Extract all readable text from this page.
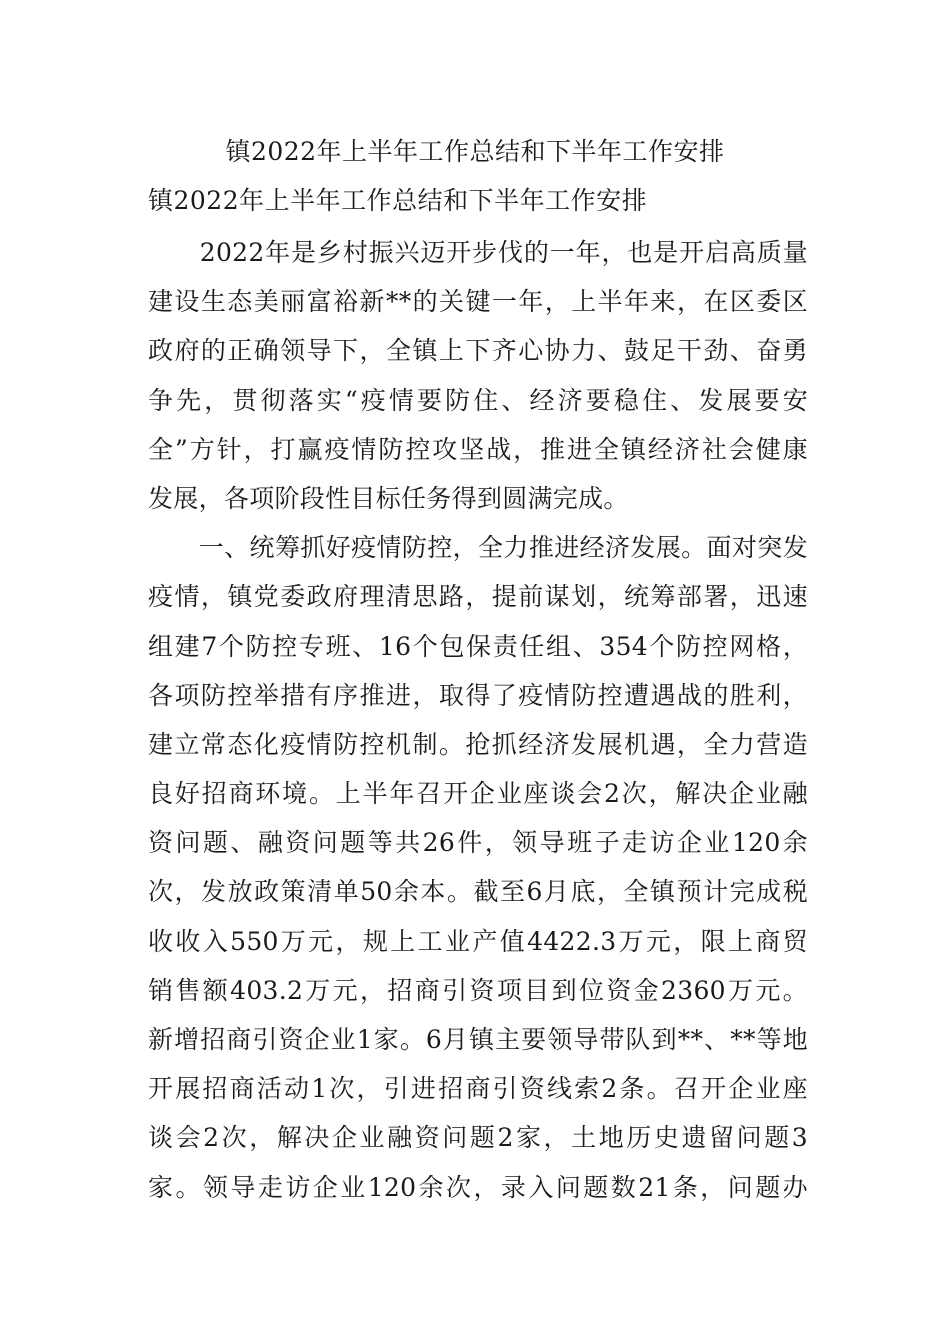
镇2022年上半年工作总结和下半年工作安排
镇2022年上半年工作总结和下半年工作安排
　　2022年是乡村振兴迈开步伐的一年，也是开启高质量
建设生态美丽富裕新**的关键一年，上半年来，在区委区
政府的正确领导下，全镇上下齐心协力、鼓足干劲、奋勇
争先，贯彻落实“疫情要防住、经济要稳住、发展要安
全”方针，打赢疫情防控攻坚战，推进全镇经济社会健康
发展，各项阶段性目标任务得到圆满完成。
　　一、统筹抓好疫情防控，全力推进经济发展。面对突发
疫情，镇党委政府理清思路，提前谋划，统筹部署，迅速
组建7个防控专班、16个包保责任组、354个防控网格，
各项防控举措有序推进，取得了疫情防控遭遇战的胜利，
建立常态化疫情防控机制。抢抓经济发展机遇，全力营造
良好招商环境。上半年召开企业座谈会2次，解决企业融
资问题、融资问题等共26件，领导班子走访企业120余
次，发放政策清单50余本。截至6月底，全镇预计完成税
收收入550万元，规上工业产值4422.3万元，限上商贸
销售额403.2万元，招商引资项目到位资金2360万元。
新增招商引资企业1家。6月镇主要领导带队到**、**等地
开展招商活动1次，引进招商引资线索2条。召开企业座
谈会2次，解决企业融资问题2家，土地历史遗留问题3
家。领导走访企业120余次，录入问题数21条，问题办
